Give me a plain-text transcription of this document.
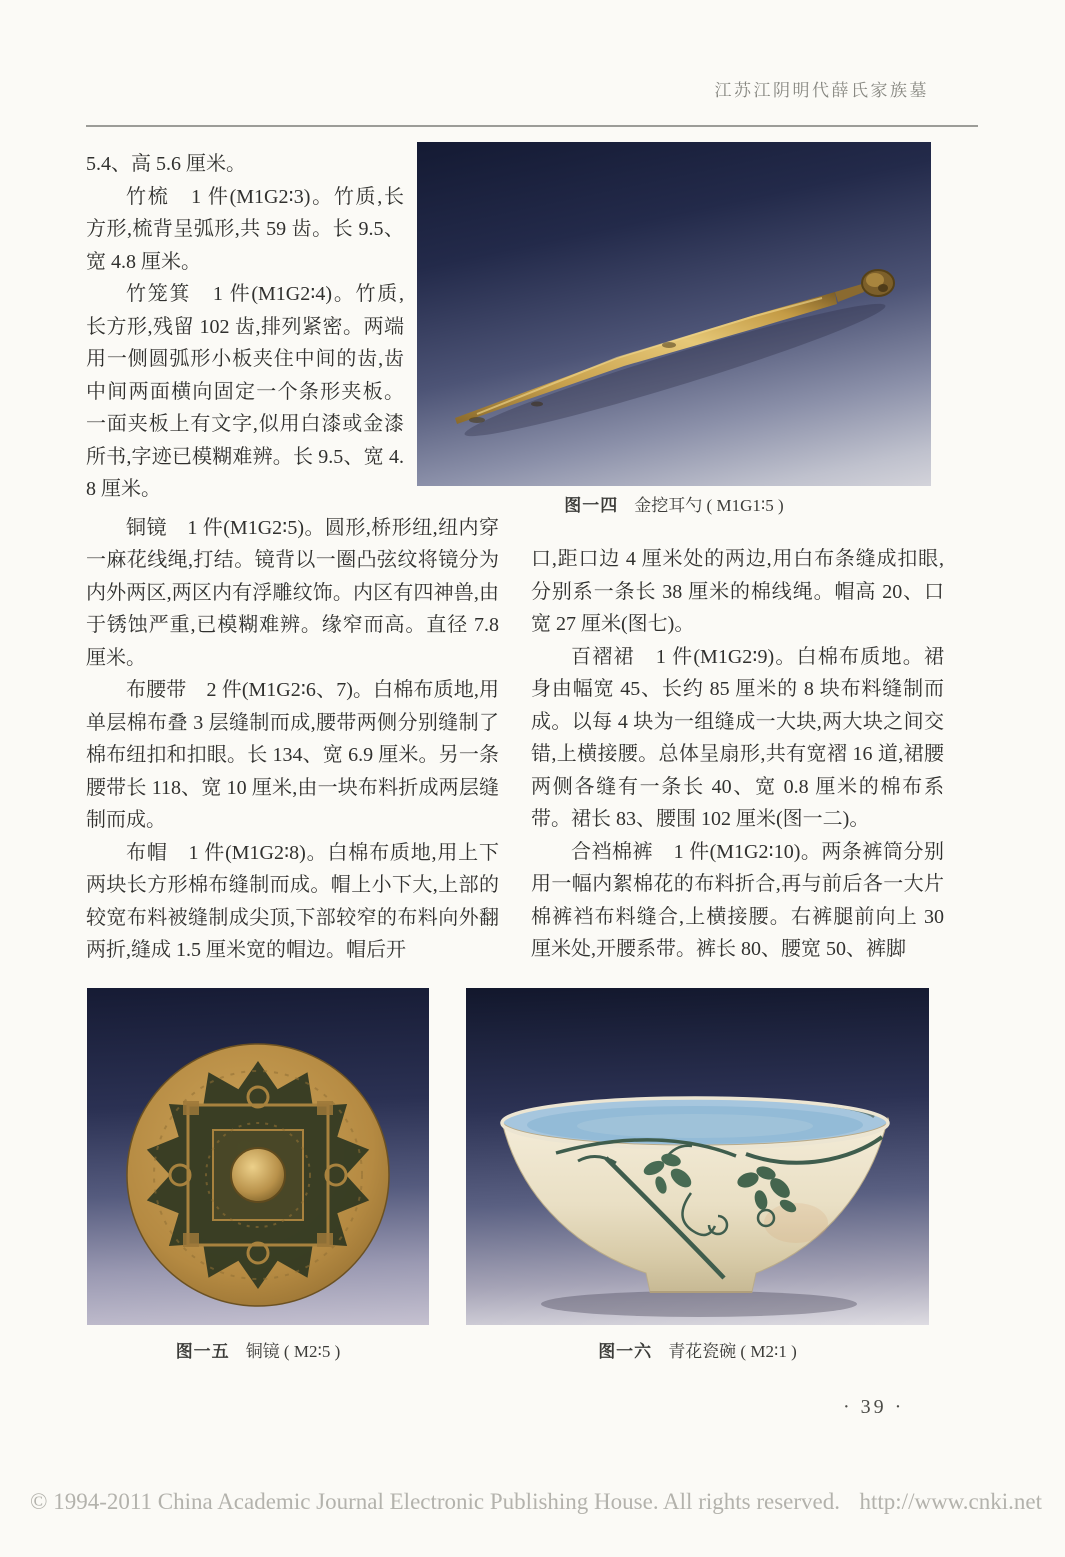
江苏江阴明代薛氏家族墓
图一四 金挖耳勺 ( M1G1∶5 )

5.4、高 5.6 厘米。

竹梳　1 件(M1G2∶3)。竹质,长方形,梳背呈弧形,共 59 齿。长 9.5、宽 4.8 厘米。

竹笼箕　1 件(M1G2∶4)。竹质,长方形,残留 102 齿,排列紧密。两端用一侧圆弧形小板夹住中间的齿,齿中间两面横向固定一个条形夹板。一面夹板上有文字,似用白漆或金漆所书,字迹已模糊难辨。长 9.5、宽 4.8 厘米。

铜镜　1 件(M1G2∶5)。圆形,桥形纽,纽内穿一麻花线绳,打结。镜背以一圈凸弦纹将镜分为内外两区,两区内有浮雕纹饰。内区有四神兽,由于锈蚀严重,已模糊难辨。缘窄而高。直径 7.8 厘米。

布腰带　2 件(M1G2∶6、7)。白棉布质地,用单层棉布叠 3 层缝制而成,腰带两侧分别缝制了棉布纽扣和扣眼。长 134、宽 6.9 厘米。另一条腰带长 118、宽 10 厘米,由一块布料折成两层缝制而成。

布帽　1 件(M1G2∶8)。白棉布质地,用上下两块长方形棉布缝制而成。帽上小下大,上部的较宽布料被缝制成尖顶,下部较窄的布料向外翻两折,缝成 1.5 厘米宽的帽边。帽后开

口,距口边 4 厘米处的两边,用白布条缝成扣眼,分别系一条长 38 厘米的棉线绳。帽高 20、口宽 27 厘米(图七)。

百褶裙　1 件(M1G2∶9)。白棉布质地。裙身由幅宽 45、长约 85 厘米的 8 块布料缝制而成。以每 4 块为一组缝成一大块,两大块之间交错,上横接腰。总体呈扇形,共有宽褶 16 道,裙腰两侧各缝有一条长 40、宽 0.8 厘米的棉布系带。裙长 83、腰围 102 厘米(图一二)。

合裆棉裤　1 件(M1G2∶10)。两条裤筒分别用一幅内絮棉花的布料折合,再与前后各一大片棉裤裆布料缝合,上横接腰。右裤腿前向上 30 厘米处,开腰系带。裤长 80、腰宽 50、裤脚

图一五 铜镜 ( M2∶5 )	图一六 青花瓷碗 ( M2∶1 )
· 39 ·
© 1994-2011 China Academic Journal Electronic Publishing House. All rights reserved. http://www.cnki.net
